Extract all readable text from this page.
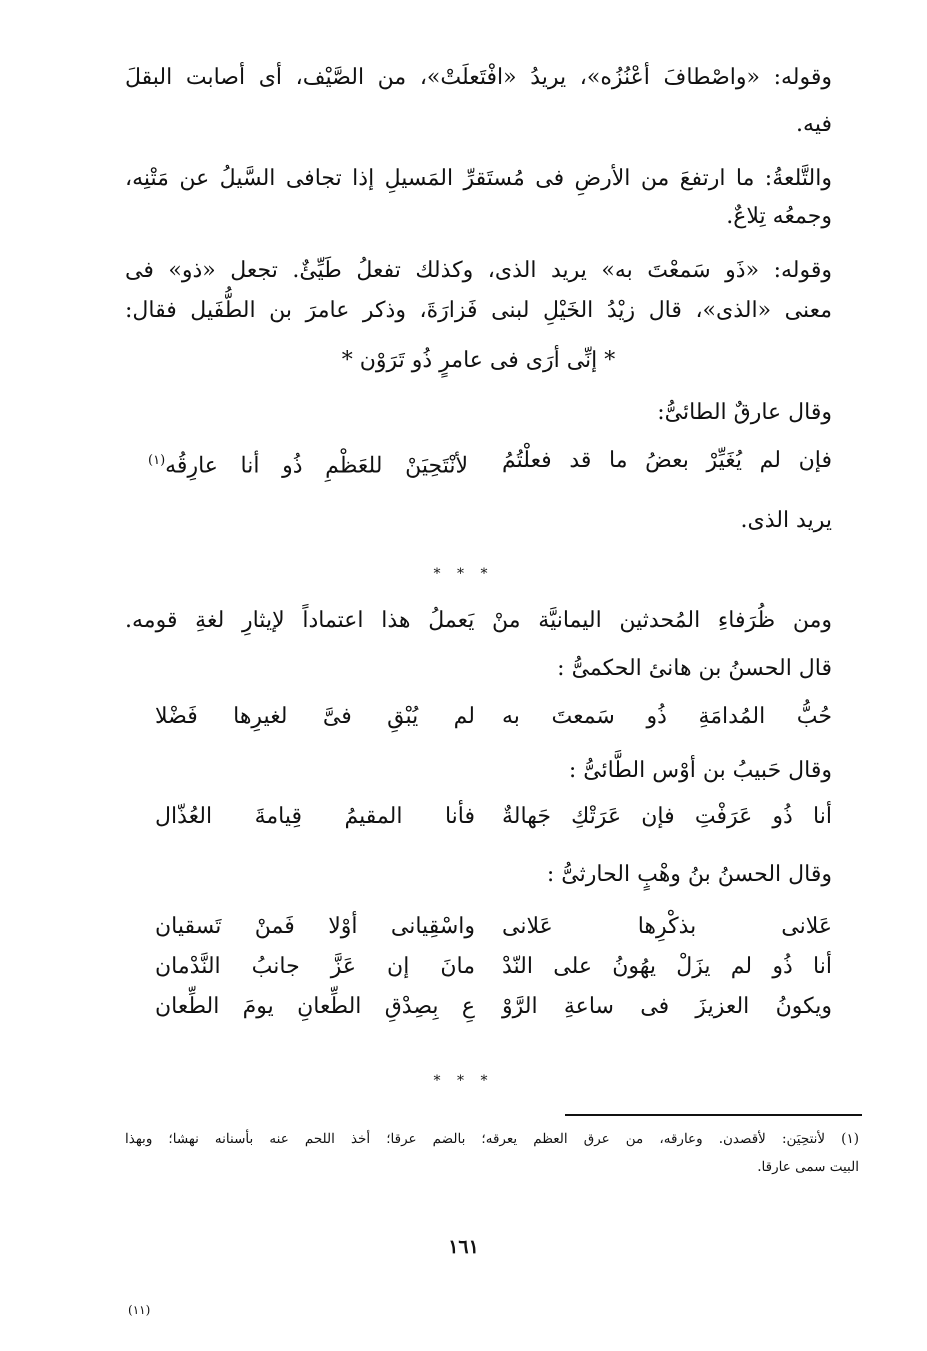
وقوله: «واصْطافَ أعْنُزُه»، يريدُ «افْتَعلَتْ»، من الصَّيْف، أى أصابت البقلَ
فيه.
والتَّلعةُ: ما ارتفعَ من الأرضِ فى مُستَقرِّ المَسيلِ إذا تجافى السَّيلُ عن مَتْنِه،
وجمعُه تِلاعٌ.
وقوله: «ذَو سَمعْتَ به» يريد الذى، وكذلك تفعلُ طَيِّئٌ. تجعل «ذو» فى
معنى «الذى»، قال زيْدُ الخَيْلِ لبنى فَزارَةَ، وذكر عامرَ بن الطُّفَيل فقال:
* إنِّى أرَى فى عامرٍ ذُو تَرَوْن *
وقال عارقٌ الطائىُّ:
فإن لم يُغَيِّرْ بعضُ ما قد فعلْتُمُ
لأنْتَحِيَنْ للعَظْمِ ذُو أنا عارِقُه$^{(١)}$
يريد الذى.
* * *
ومن ظُرَفاءِ المُحدثين اليمانيَّة منْ يَعملُ هذا اعتماداً لإيثارِ لغةِ قومه.
قال الحسنُ بن هانئ الحكمىُّ :
حُبُّ المُدامَةِ ذُو سَمعتَ به
لم يُبْقِ فىَّ لغيرِها فَضْلا
وقال حَبيبُ بن أوْس الطَّائىُّ :
أنا ذُو عَرَفْتِ فإن عَرَتْكِ جَهالةٌ
فأنا المقيمُ قِيامةَ العُذّال
وقال الحسنُ بنُ وهْبٍ الحارثىُّ :
عَلانى بذكْرِها عَلانى
واسْقِيانى أوْلا فَمنْ تَسقيان
أنا ذُو لم يزَلْ يهُونُ على النّدْ
مانَ إن عَزَّ جانبُ النَّدْمان
ويكونُ العزيزَ فى ساعةِ الرَّوْ
عِ بِصِدْقِ الطِّعانِ يومَ الطِّعان
* * *
(١) لأنتحِيَن: لأقصدن. وعارقه، من عرق العظم يعرقه؛ بالضم عرقا؛ أخذ اللحم عنه بأسنانه نهشا؛ وبهذا
البيت سمى عارقا.
١٦١
(١١)
